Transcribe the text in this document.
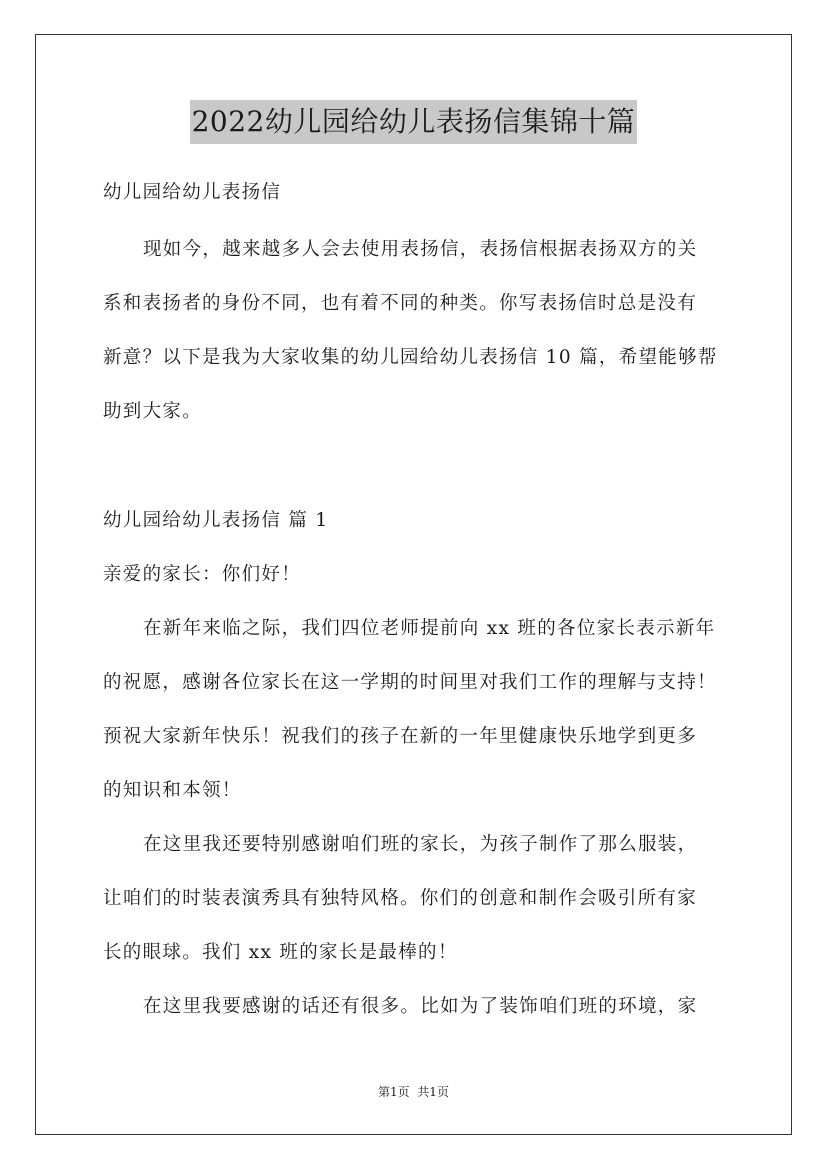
2022幼儿园给幼儿表扬信集锦十篇
幼儿园给幼儿表扬信
现如今，越来越多人会去使用表扬信，表扬信根据表扬双方的关
系和表扬者的身份不同，也有着不同的种类。你写表扬信时总是没有
新意？以下是我为大家收集的幼儿园给幼儿表扬信 10 篇，希望能够帮
助到大家。
幼儿园给幼儿表扬信 篇 1
亲爱的家长：你们好！
在新年来临之际，我们四位老师提前向 xx 班的各位家长表示新年
的祝愿，感谢各位家长在这一学期的时间里对我们工作的理解与支持！
预祝大家新年快乐！祝我们的孩子在新的一年里健康快乐地学到更多
的知识和本领！
在这里我还要特别感谢咱们班的家长，为孩子制作了那么服装，
让咱们的时装表演秀具有独特风格。你们的创意和制作会吸引所有家
长的眼球。我们 xx 班的家长是最棒的！
在这里我要感谢的话还有很多。比如为了装饰咱们班的环境，家
第1页  共1页
